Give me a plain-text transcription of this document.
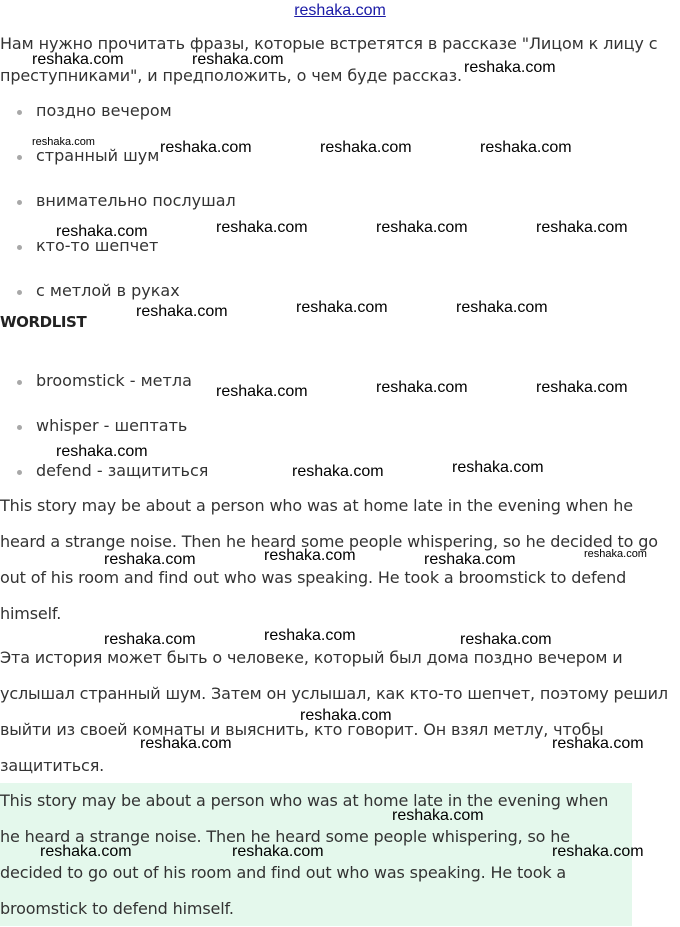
reshaka.com

Нам нужно прочитать фразы, которые встретятся в рассказе "Лицом к лицу с преступниками", и предположить, о чем буде рассказ.

поздно вечером
странный шум
внимательно послушал
кто-то шепчет
с метлой в руках
WORDLIST
broomstick - метла
whisper - шептать
defend - защититься

This story may be about a person who was at home late in the evening when he heard a strange noise. Then he heard some people whispering, so he decided to go out of his room and find out who was speaking. He took a broomstick to defend himself.

Эта история может быть о человеке, который был дома поздно вечером и услышал странный шум. Затем он услышал, как кто-то шепчет, поэтому решил выйти из своей комнаты и выяснить, кто говорит. Он взял метлу, чтобы защититься.

This story may be about a person who was at home late in the evening when he heard a strange noise. Then he heard some people whispering, so he decided to go out of his room and find out who was speaking. He took a broomstick to defend himself.

reshaka.com	reshaka.com	reshaka.com
reshaka.com	reshaka.com	reshaka.com	reshaka.com
reshaka.com	reshaka.com	reshaka.com	reshaka.com
reshaka.com	reshaka.com	reshaka.com
reshaka.com	reshaka.com	reshaka.com
reshaka.com
reshaka.com	reshaka.com
reshaka.com	reshaka.com	reshaka.com	reshaka.com
reshaka.com	reshaka.com	reshaka.com
reshaka.com
reshaka.com	reshaka.com
reshaka.com
reshaka.com	reshaka.com	reshaka.com
